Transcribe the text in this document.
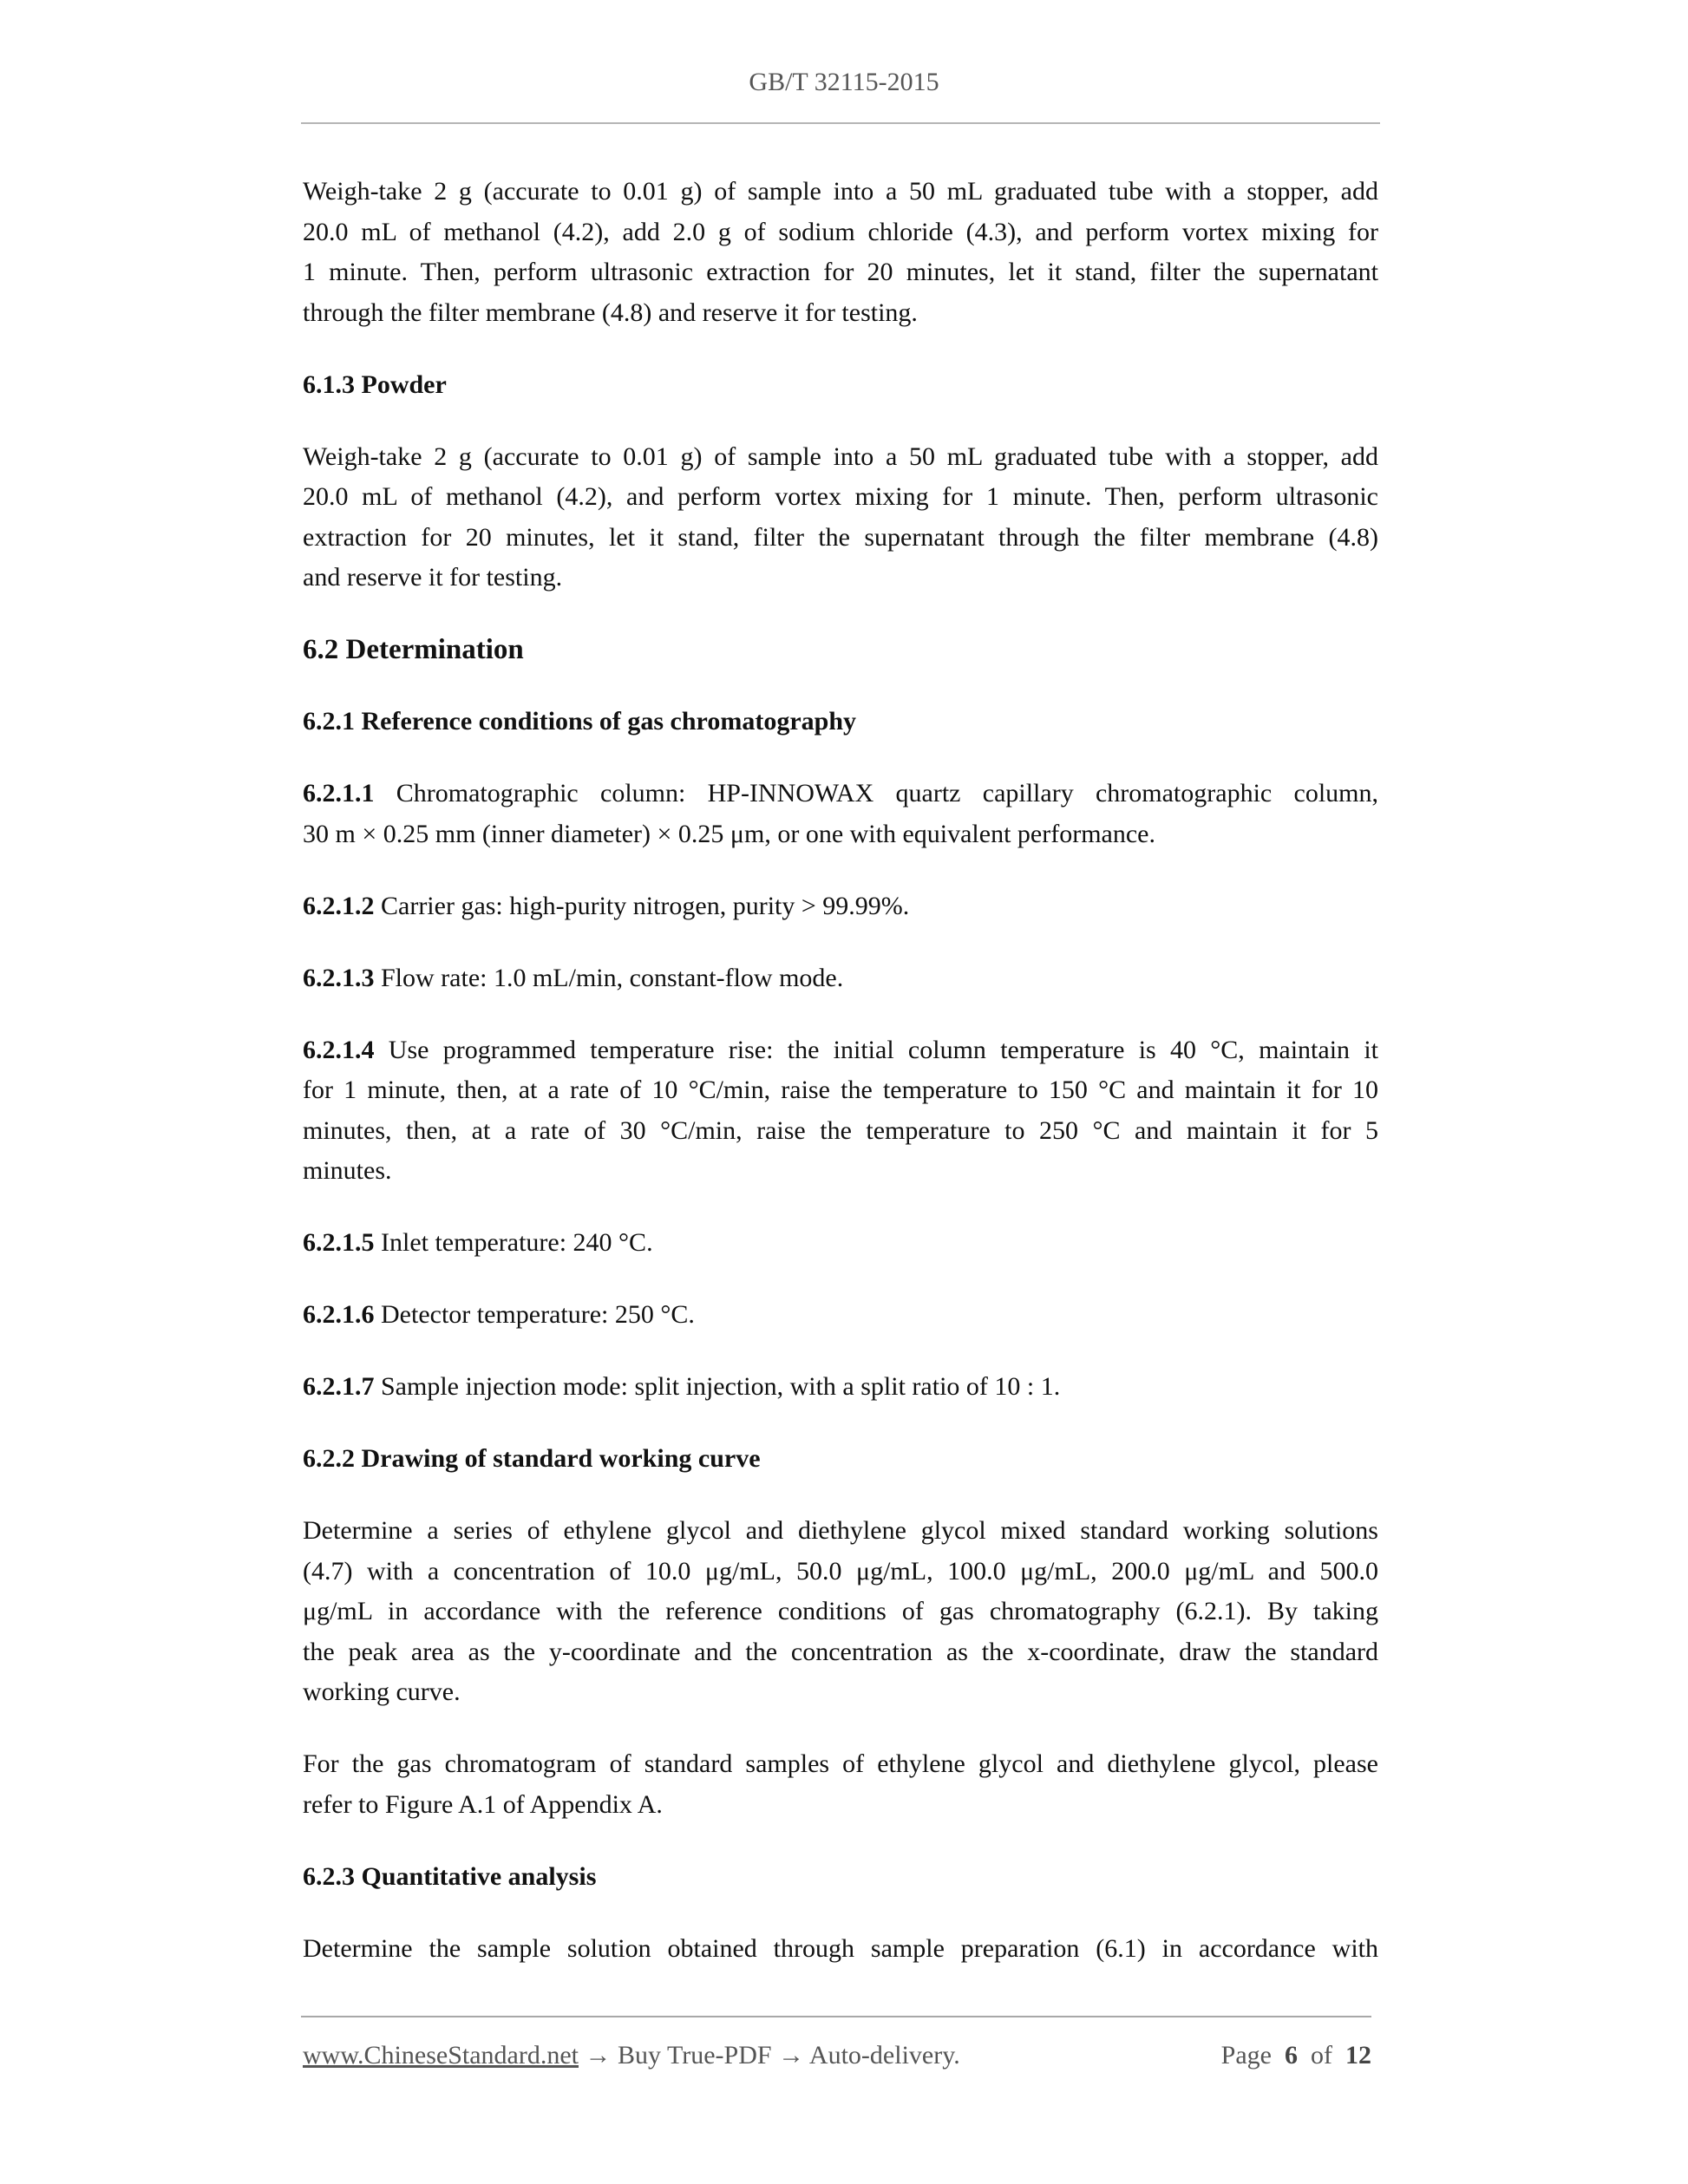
GB/T 32115-2015
Weigh-take 2 g (accurate to 0.01 g) of sample into a 50 mL graduated tube with a stopper, add
20.0 mL of methanol (4.2), add 2.0 g of sodium chloride (4.3), and perform vortex mixing for
1 minute. Then, perform ultrasonic extraction for 20 minutes, let it stand, filter the supernatant
through the filter membrane (4.8) and reserve it for testing.
6.1.3 Powder
Weigh-take 2 g (accurate to 0.01 g) of sample into a 50 mL graduated tube with a stopper, add
20.0 mL of methanol (4.2), and perform vortex mixing for 1 minute. Then, perform ultrasonic
extraction for 20 minutes, let it stand, filter the supernatant through the filter membrane (4.8)
and reserve it for testing.
6.2 Determination
6.2.1 Reference conditions of gas chromatography
6.2.1.1 Chromatographic column: HP-INNOWAX quartz capillary chromatographic column,
30 m × 0.25 mm (inner diameter) × 0.25 μm, or one with equivalent performance.
6.2.1.2 Carrier gas: high-purity nitrogen, purity > 99.99%.
6.2.1.3 Flow rate: 1.0 mL/min, constant-flow mode.
6.2.1.4 Use programmed temperature rise: the initial column temperature is 40 °C, maintain it
for 1 minute, then, at a rate of 10 °C/min, raise the temperature to 150 °C and maintain it for 10
minutes, then, at a rate of 30 °C/min, raise the temperature to 250 °C and maintain it for 5
minutes.
6.2.1.5 Inlet temperature: 240 °C.
6.2.1.6 Detector temperature: 250 °C.
6.2.1.7 Sample injection mode: split injection, with a split ratio of 10 : 1.
6.2.2 Drawing of standard working curve
Determine a series of ethylene glycol and diethylene glycol mixed standard working solutions
(4.7) with a concentration of 10.0 μg/mL, 50.0 μg/mL, 100.0 μg/mL, 200.0 μg/mL and 500.0
μg/mL in accordance with the reference conditions of gas chromatography (6.2.1). By taking
the peak area as the y-coordinate and the concentration as the x-coordinate, draw the standard
working curve.
For the gas chromatogram of standard samples of ethylene glycol and diethylene glycol, please
refer to Figure A.1 of Appendix A.
6.2.3 Quantitative analysis
Determine the sample solution obtained through sample preparation (6.1) in accordance with
www.ChineseStandard.net → Buy True-PDF → Auto-delivery.	Page 6 of 12
